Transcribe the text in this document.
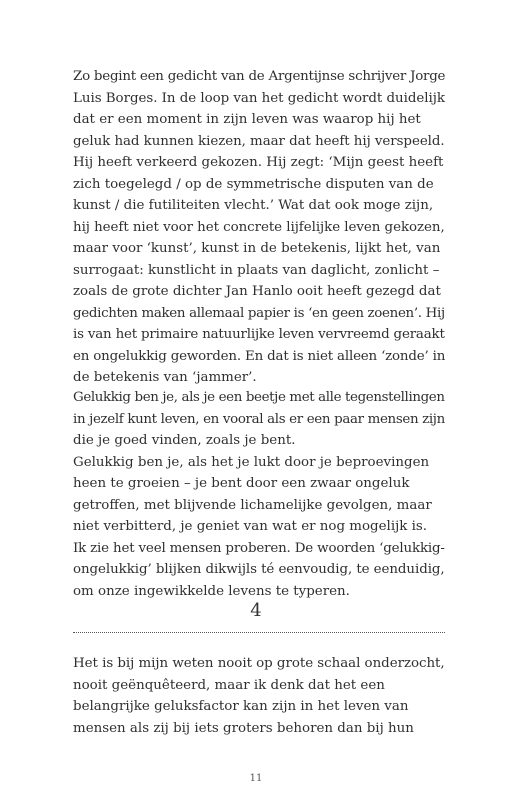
Zo begint een gedicht van de Argentijnse schrijver Jorge
Luis Borges. In de loop van het gedicht wordt duidelijk
dat er een moment in zijn leven was waarop hij het
geluk had kunnen kiezen, maar dat heeft hij verspeeld.
Hij heeft verkeerd gekozen. Hij zegt: ‘Mijn geest heeft
zich toegelegd / op de symmetrische disputen van de
kunst / die futiliteiten vlecht.’ Wat dat ook moge zijn,
hij heeft niet voor het concrete lijfelijke leven gekozen,
maar voor ‘kunst’, kunst in de betekenis, lijkt het, van
surrogaat: kunstlicht in plaats van daglicht, zonlicht –
zoals de grote dichter Jan Hanlo ooit heeft gezegd dat
gedichten maken allemaal papier is ‘en geen zoenen’. Hij
is van het primaire natuurlijke leven vervreemd geraakt
en ongelukkig geworden. En dat is niet alleen ‘zonde’ in
de betekenis van ‘jammer’.
Gelukkig ben je, als je een beetje met alle tegenstellingen
in jezelf kunt leven, en vooral als er een paar mensen zijn
die je goed vinden, zoals je bent.
Gelukkig ben je, als het je lukt door je beproevingen
heen te groeien – je bent door een zwaar ongeluk
getroffen, met blijvende lichamelijke gevolgen, maar
niet verbitterd, je geniet van wat er nog mogelijk is.
Ik zie het veel mensen proberen. De woorden ‘gelukkig-
ongelukkig’ blijken dikwijls té eenvoudig, te eenduidig,
om onze ingewikkelde levens te typeren.
4
Het is bij mijn weten nooit op grote schaal onderzocht,
nooit geënquêteerd, maar ik denk dat het een
belangrijke geluksfactor kan zijn in het leven van
mensen als zij bij iets groters behoren dan bij hun
11
